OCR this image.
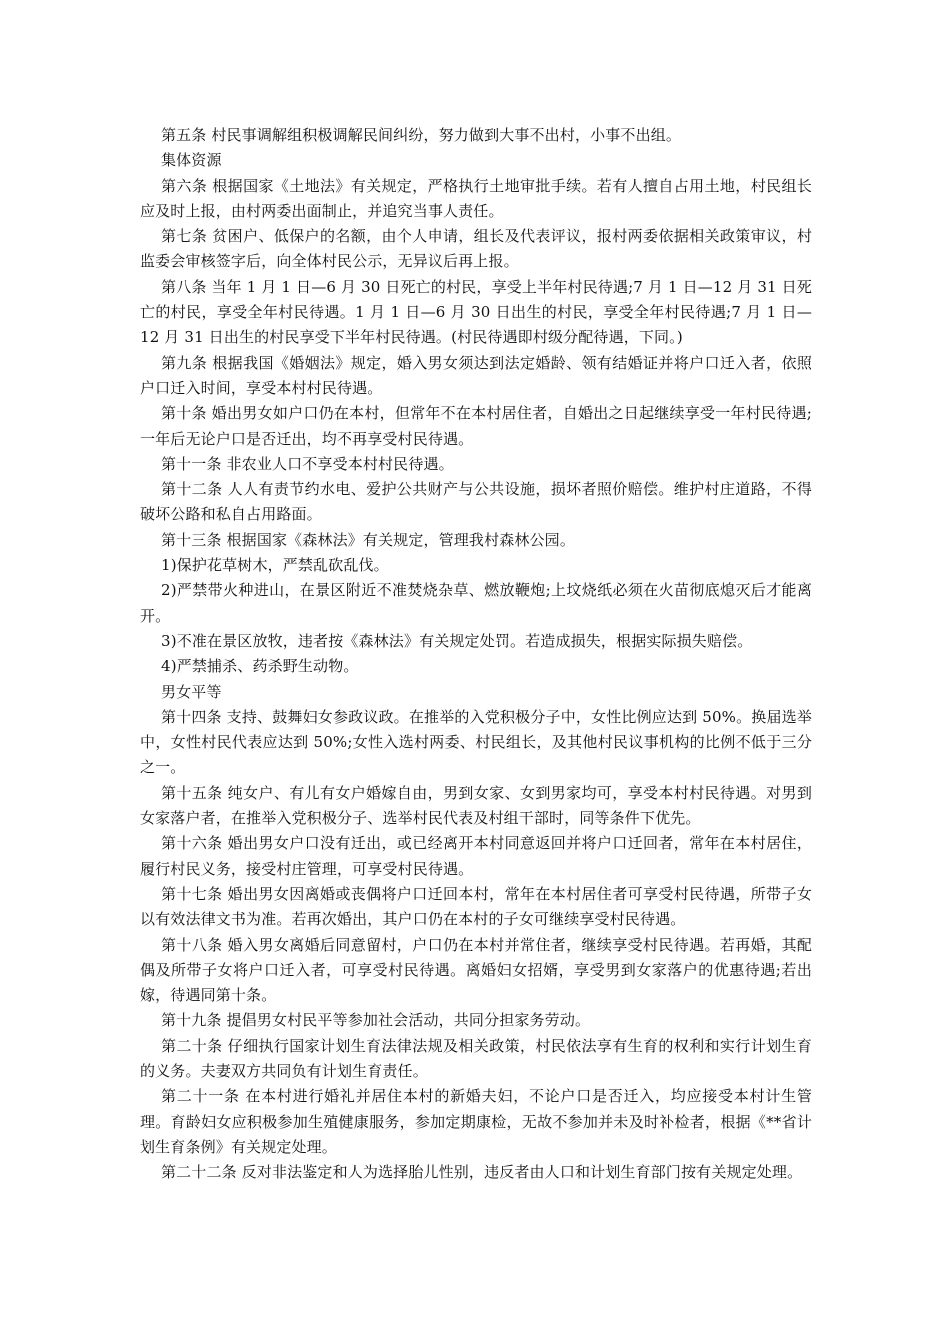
第五条 村民事调解组积极调解民间纠纷，努力做到大事不出村，小事不出组。

集体资源

第六条 根据国家《土地法》有关规定，严格执行土地审批手续。若有人擅自占用土地，村民组长应及时上报，由村两委出面制止，并追究当事人责任。

第七条 贫困户、低保户的名额，由个人申请，组长及代表评议，报村两委依据相关政策审议，村监委会审核签字后，向全体村民公示，无异议后再上报。

第八条 当年 1 月 1 日—6 月 30 日死亡的村民，享受上半年村民待遇;7 月 1 日—12 月 31 日死亡的村民，享受全年村民待遇。1 月 1 日—6 月 30 日出生的村民，享受全年村民待遇;7 月 1 日—12 月 31 日出生的村民享受下半年村民待遇。(村民待遇即村级分配待遇，下同。)

第九条 根据我国《婚姻法》规定，婚入男女须达到法定婚龄、领有结婚证并将户口迁入者，依照户口迁入时间，享受本村村民待遇。

第十条 婚出男女如户口仍在本村，但常年不在本村居住者，自婚出之日起继续享受一年村民待遇;一年后无论户口是否迁出，均不再享受村民待遇。

第十一条 非农业人口不享受本村村民待遇。

第十二条 人人有责节约水电、爱护公共财产与公共设施，损坏者照价赔偿。维护村庄道路，不得破坏公路和私自占用路面。

第十三条 根据国家《森林法》有关规定，管理我村森林公园。

1)保护花草树木，严禁乱砍乱伐。

2)严禁带火种进山，在景区附近不准焚烧杂草、燃放鞭炮;上坟烧纸必须在火苗彻底熄灭后才能离开。

3)不准在景区放牧，违者按《森林法》有关规定处罚。若造成损失，根据实际损失赔偿。

4)严禁捕杀、药杀野生动物。

男女平等

第十四条 支持、鼓舞妇女参政议政。在推举的入党积极分子中，女性比例应达到 50%。换届选举中，女性村民代表应达到 50%;女性入选村两委、村民组长，及其他村民议事机构的比例不低于三分之一。

第十五条 纯女户、有儿有女户婚嫁自由，男到女家、女到男家均可，享受本村村民待遇。对男到女家落户者，在推举入党积极分子、选举村民代表及村组干部时，同等条件下优先。

第十六条 婚出男女户口没有迁出，或已经离开本村同意返回并将户口迁回者，常年在本村居住，履行村民义务，接受村庄管理，可享受村民待遇。

第十七条 婚出男女因离婚或丧偶将户口迁回本村，常年在本村居住者可享受村民待遇，所带子女以有效法律文书为准。若再次婚出，其户口仍在本村的子女可继续享受村民待遇。

第十八条 婚入男女离婚后同意留村，户口仍在本村并常住者，继续享受村民待遇。若再婚，其配偶及所带子女将户口迁入者，可享受村民待遇。离婚妇女招婿，享受男到女家落户的优惠待遇;若出嫁，待遇同第十条。

第十九条 提倡男女村民平等参加社会活动，共同分担家务劳动。

第二十条 仔细执行国家计划生育法律法规及相关政策，村民依法享有生育的权利和实行计划生育的义务。夫妻双方共同负有计划生育责任。

第二十一条 在本村进行婚礼并居住本村的新婚夫妇，不论户口是否迁入，均应接受本村计生管理。育龄妇女应积极参加生殖健康服务，参加定期康检，无故不参加并未及时补检者，根据《**省计划生育条例》有关规定处理。

第二十二条 反对非法鉴定和人为选择胎儿性别，违反者由人口和计划生育部门按有关规定处理。
